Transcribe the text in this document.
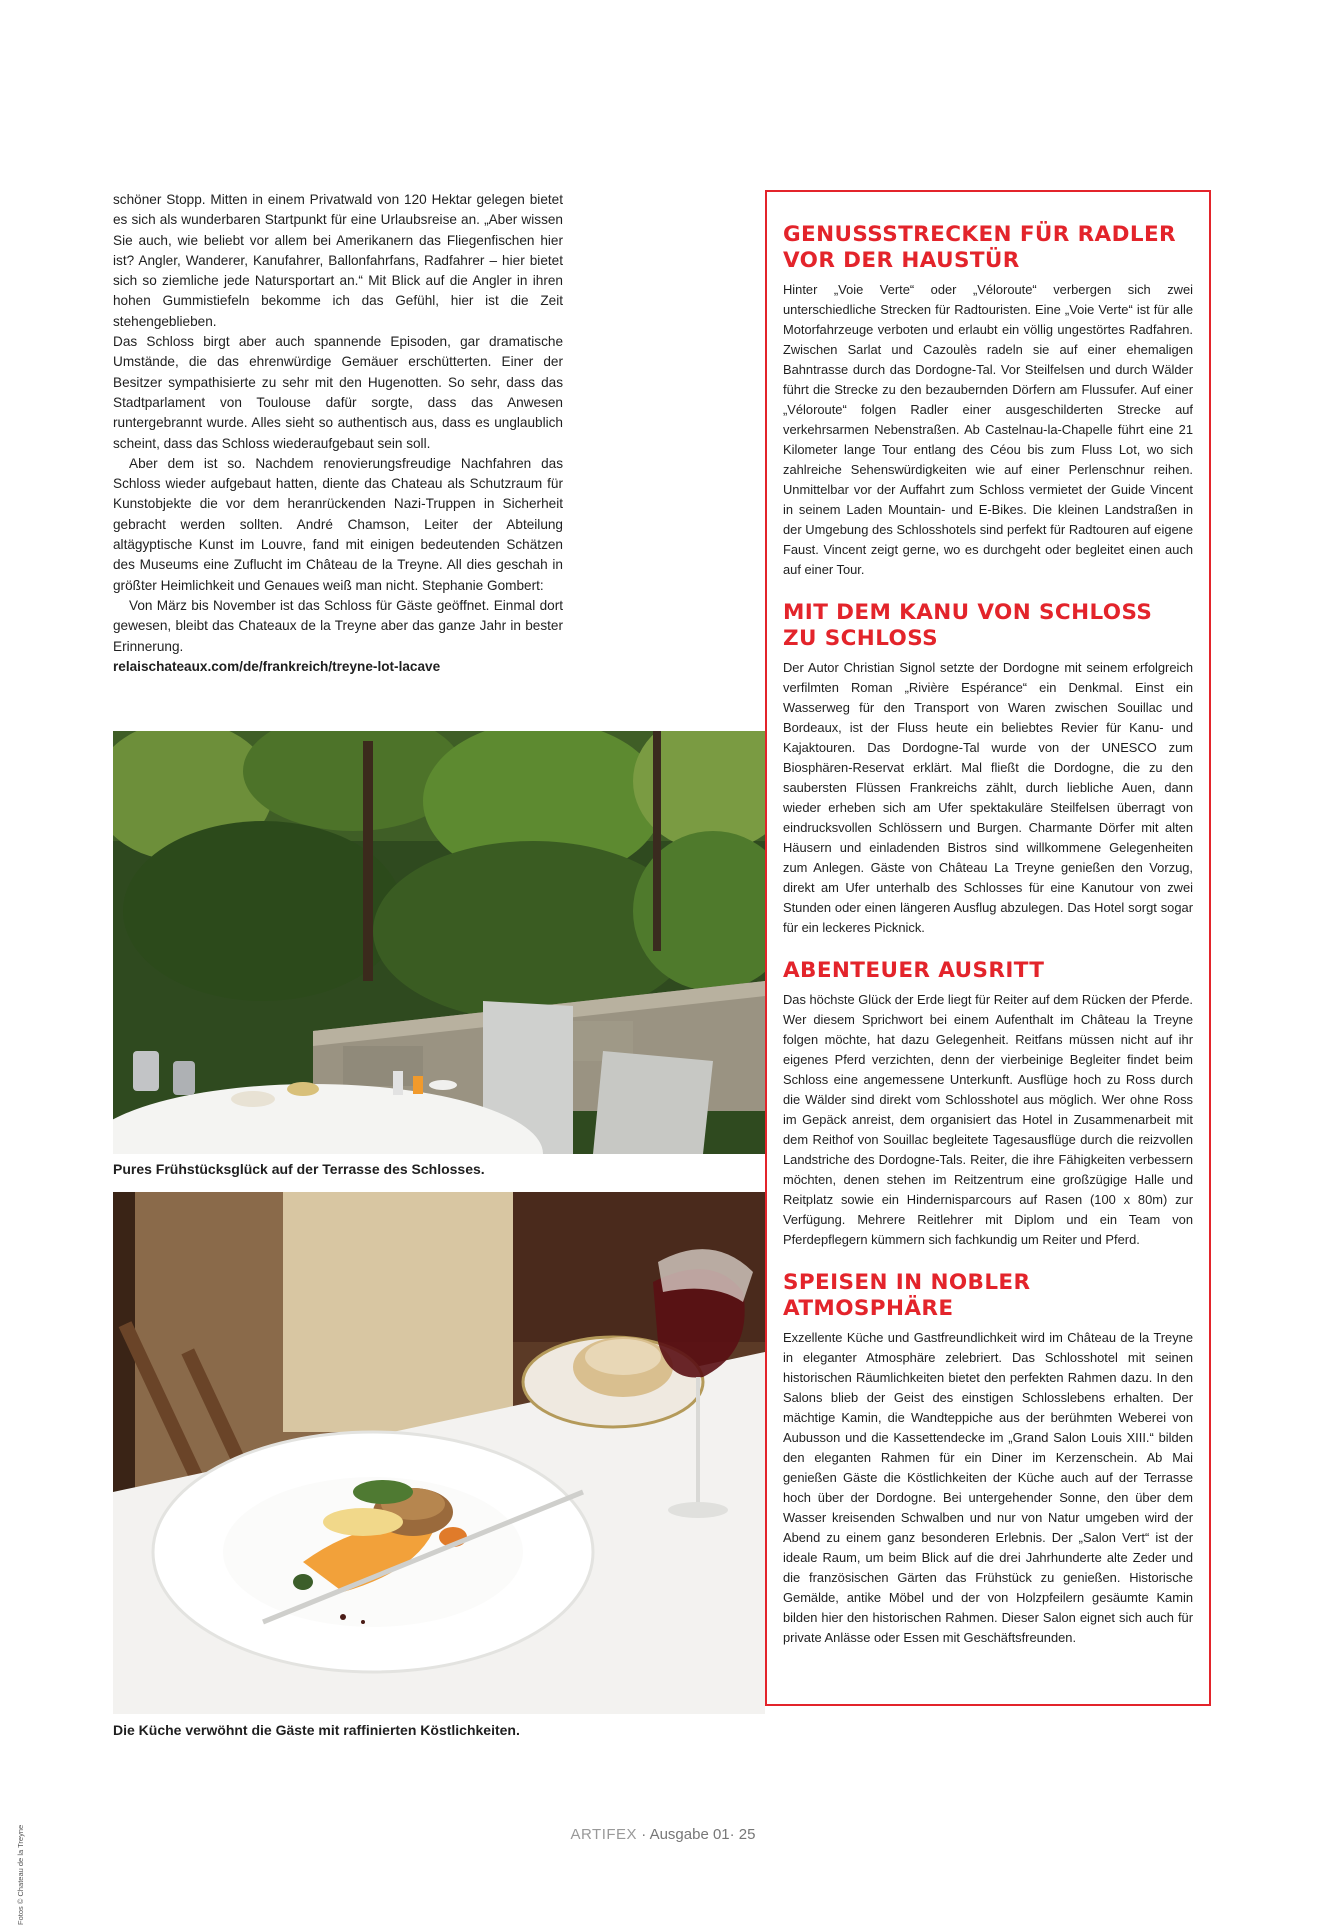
schöner Stopp. Mitten in einem Privatwald von 120 Hektar gelegen bietet es sich als wunderbaren Startpunkt für eine Urlaubsreise an. „Aber wissen Sie auch, wie beliebt vor allem bei Amerikanern das Fliegenfischen hier ist? Angler, Wanderer, Kanufahrer, Ballonfahrfans, Radfahrer – hier bietet sich so ziemliche jede Natursportart an.“ Mit Blick auf die Angler in ihren hohen Gummistiefeln bekomme ich das Gefühl, hier ist die Zeit stehengeblieben.

Das Schloss birgt aber auch spannende Episoden, gar dramatische Umstände, die das ehrenwürdige Gemäuer erschütterten. Einer der Besitzer sympathisierte zu sehr mit den Hugenotten. So sehr, dass das Stadtparlament von Toulouse dafür sorgte, dass das Anwesen runtergebrannt wurde. Alles sieht so authentisch aus, dass es unglaublich scheint, dass das Schloss wiederaufgebaut sein soll.

Aber dem ist so. Nachdem renovierungsfreudige Nachfahren das Schloss wieder aufgebaut hatten, diente das Chateau als Schutzraum für Kunstobjekte die vor dem heranrückenden Nazi-Truppen in Sicherheit gebracht werden sollten. André Chamson, Leiter der Abteilung altägyptische Kunst im Louvre, fand mit einigen bedeutenden Schätzen des Museums eine Zuflucht im Château de la Treyne. All dies geschah in größter Heimlichkeit und Genaues weiß man nicht. Stephanie Gombert:

Von März bis November ist das Schloss für Gäste geöffnet. Einmal dort gewesen, bleibt das Chateaux de la Treyne aber das ganze Jahr in bester Erinnerung.

relaischateaux.com/de/frankreich/treyne-lot-lacave

Pures Frühstücksglück auf der Terrasse des Schlosses.

Die Küche verwöhnt die Gäste mit raffinierten Köstlichkeiten.

GENUSSSTRECKEN FÜR RADLER VOR DER HAUSTÜR

Hinter „Voie Verte“ oder „Véloroute“ verbergen sich zwei unterschiedliche Strecken für Radtouristen. Eine „Voie Verte“ ist für alle Motorfahrzeuge verboten und erlaubt ein völlig ungestörtes Radfahren. Zwischen Sarlat und Cazoulès radeln sie auf einer ehemaligen Bahntrasse durch das Dordogne-Tal. Vor Steilfelsen und durch Wälder führt die Strecke zu den bezaubernden Dörfern am Flussufer. Auf einer „Véloroute“ folgen Radler einer ausgeschilderten Strecke auf verkehrsarmen Nebenstraßen. Ab Castelnau-la-Chapelle führt eine 21 Kilometer lange Tour entlang des Céou bis zum Fluss Lot, wo sich zahlreiche Sehenswürdigkeiten wie auf einer Perlenschnur reihen. Unmittelbar vor der Auffahrt zum Schloss vermietet der Guide Vincent in seinem Laden Mountain- und E-Bikes. Die kleinen Landstraßen in der Umgebung des Schlosshotels sind perfekt für Radtouren auf eigene Faust. Vincent zeigt gerne, wo es durchgeht oder begleitet einen auch auf einer Tour.

MIT DEM KANU VON SCHLOSS ZU SCHLOSS

Der Autor Christian Signol setzte der Dordogne mit seinem erfolgreich verfilmten Roman „Rivière Espérance“ ein Denkmal. Einst ein Wasserweg für den Transport von Waren zwischen Souillac und Bordeaux, ist der Fluss heute ein beliebtes Revier für Kanu- und Kajaktouren. Das Dordogne-Tal wurde von der UNESCO zum Biosphären-Reservat erklärt. Mal fließt die Dordogne, die zu den saubersten Flüssen Frankreichs zählt, durch liebliche Auen, dann wieder erheben sich am Ufer spektakuläre Steilfelsen überragt von eindrucksvollen Schlössern und Burgen. Charmante Dörfer mit alten Häusern und einladenden Bistros sind willkommene Gelegenheiten zum Anlegen. Gäste von Château La Treyne genießen den Vorzug, direkt am Ufer unterhalb des Schlosses für eine Kanutour von zwei Stunden oder einen längeren Ausflug abzulegen. Das Hotel sorgt sogar für ein leckeres Picknick.

ABENTEUER AUSRITT

Das höchste Glück der Erde liegt für Reiter auf dem Rücken der Pferde. Wer diesem Sprichwort bei einem Aufenthalt im Château la Treyne folgen möchte, hat dazu Gelegenheit. Reitfans müssen nicht auf ihr eigenes Pferd verzichten, denn der vierbeinige Begleiter findet beim Schloss eine angemessene Unterkunft. Ausflüge hoch zu Ross durch die Wälder sind direkt vom Schlosshotel aus möglich. Wer ohne Ross im Gepäck anreist, dem organisiert das Hotel in Zusammenarbeit mit dem Reithof von Souillac begleitete Tagesausflüge durch die reizvollen Landstriche des Dordogne-Tals. Reiter, die ihre Fähigkeiten verbessern möchten, denen stehen im Reitzentrum eine großzügige Halle und Reitplatz sowie ein Hindernisparcours auf Rasen (100 x 80m) zur Verfügung. Mehrere Reitlehrer mit Diplom und ein Team von Pferdepflegern kümmern sich fachkundig um Reiter und Pferd.

SPEISEN IN NOBLER ATMOSPHÄRE

Exzellente Küche und Gastfreundlichkeit wird im Château de la Treyne in eleganter Atmosphäre zelebriert. Das Schlosshotel mit seinen historischen Räumlichkeiten bietet den perfekten Rahmen dazu. In den Salons blieb der Geist des einstigen Schlosslebens erhalten. Der mächtige Kamin, die Wandteppiche aus der berühmten Weberei von Aubusson und die Kassettendecke im „Grand Salon Louis XIII.“ bilden den eleganten Rahmen für ein Diner im Kerzenschein. Ab Mai genießen Gäste die Köstlichkeiten der Küche auch auf der Terrasse hoch über der Dordogne. Bei untergehender Sonne, den über dem Wasser kreisenden Schwalben und nur von Natur umgeben wird der Abend zu einem ganz besonderen Erlebnis. Der „Salon Vert“ ist der ideale Raum, um beim Blick auf die drei Jahrhunderte alte Zeder und die französischen Gärten das Frühstück zu genießen. Historische Gemälde, antike Möbel und der von Holzpfeilern gesäumte Kamin bilden hier den historischen Rahmen. Dieser Salon eignet sich auch für private Anlässe oder Essen mit Geschäftsfreunden.

ARTIFEX · Ausgabe 01· 25
Fotos © Chateau de la Treyne
